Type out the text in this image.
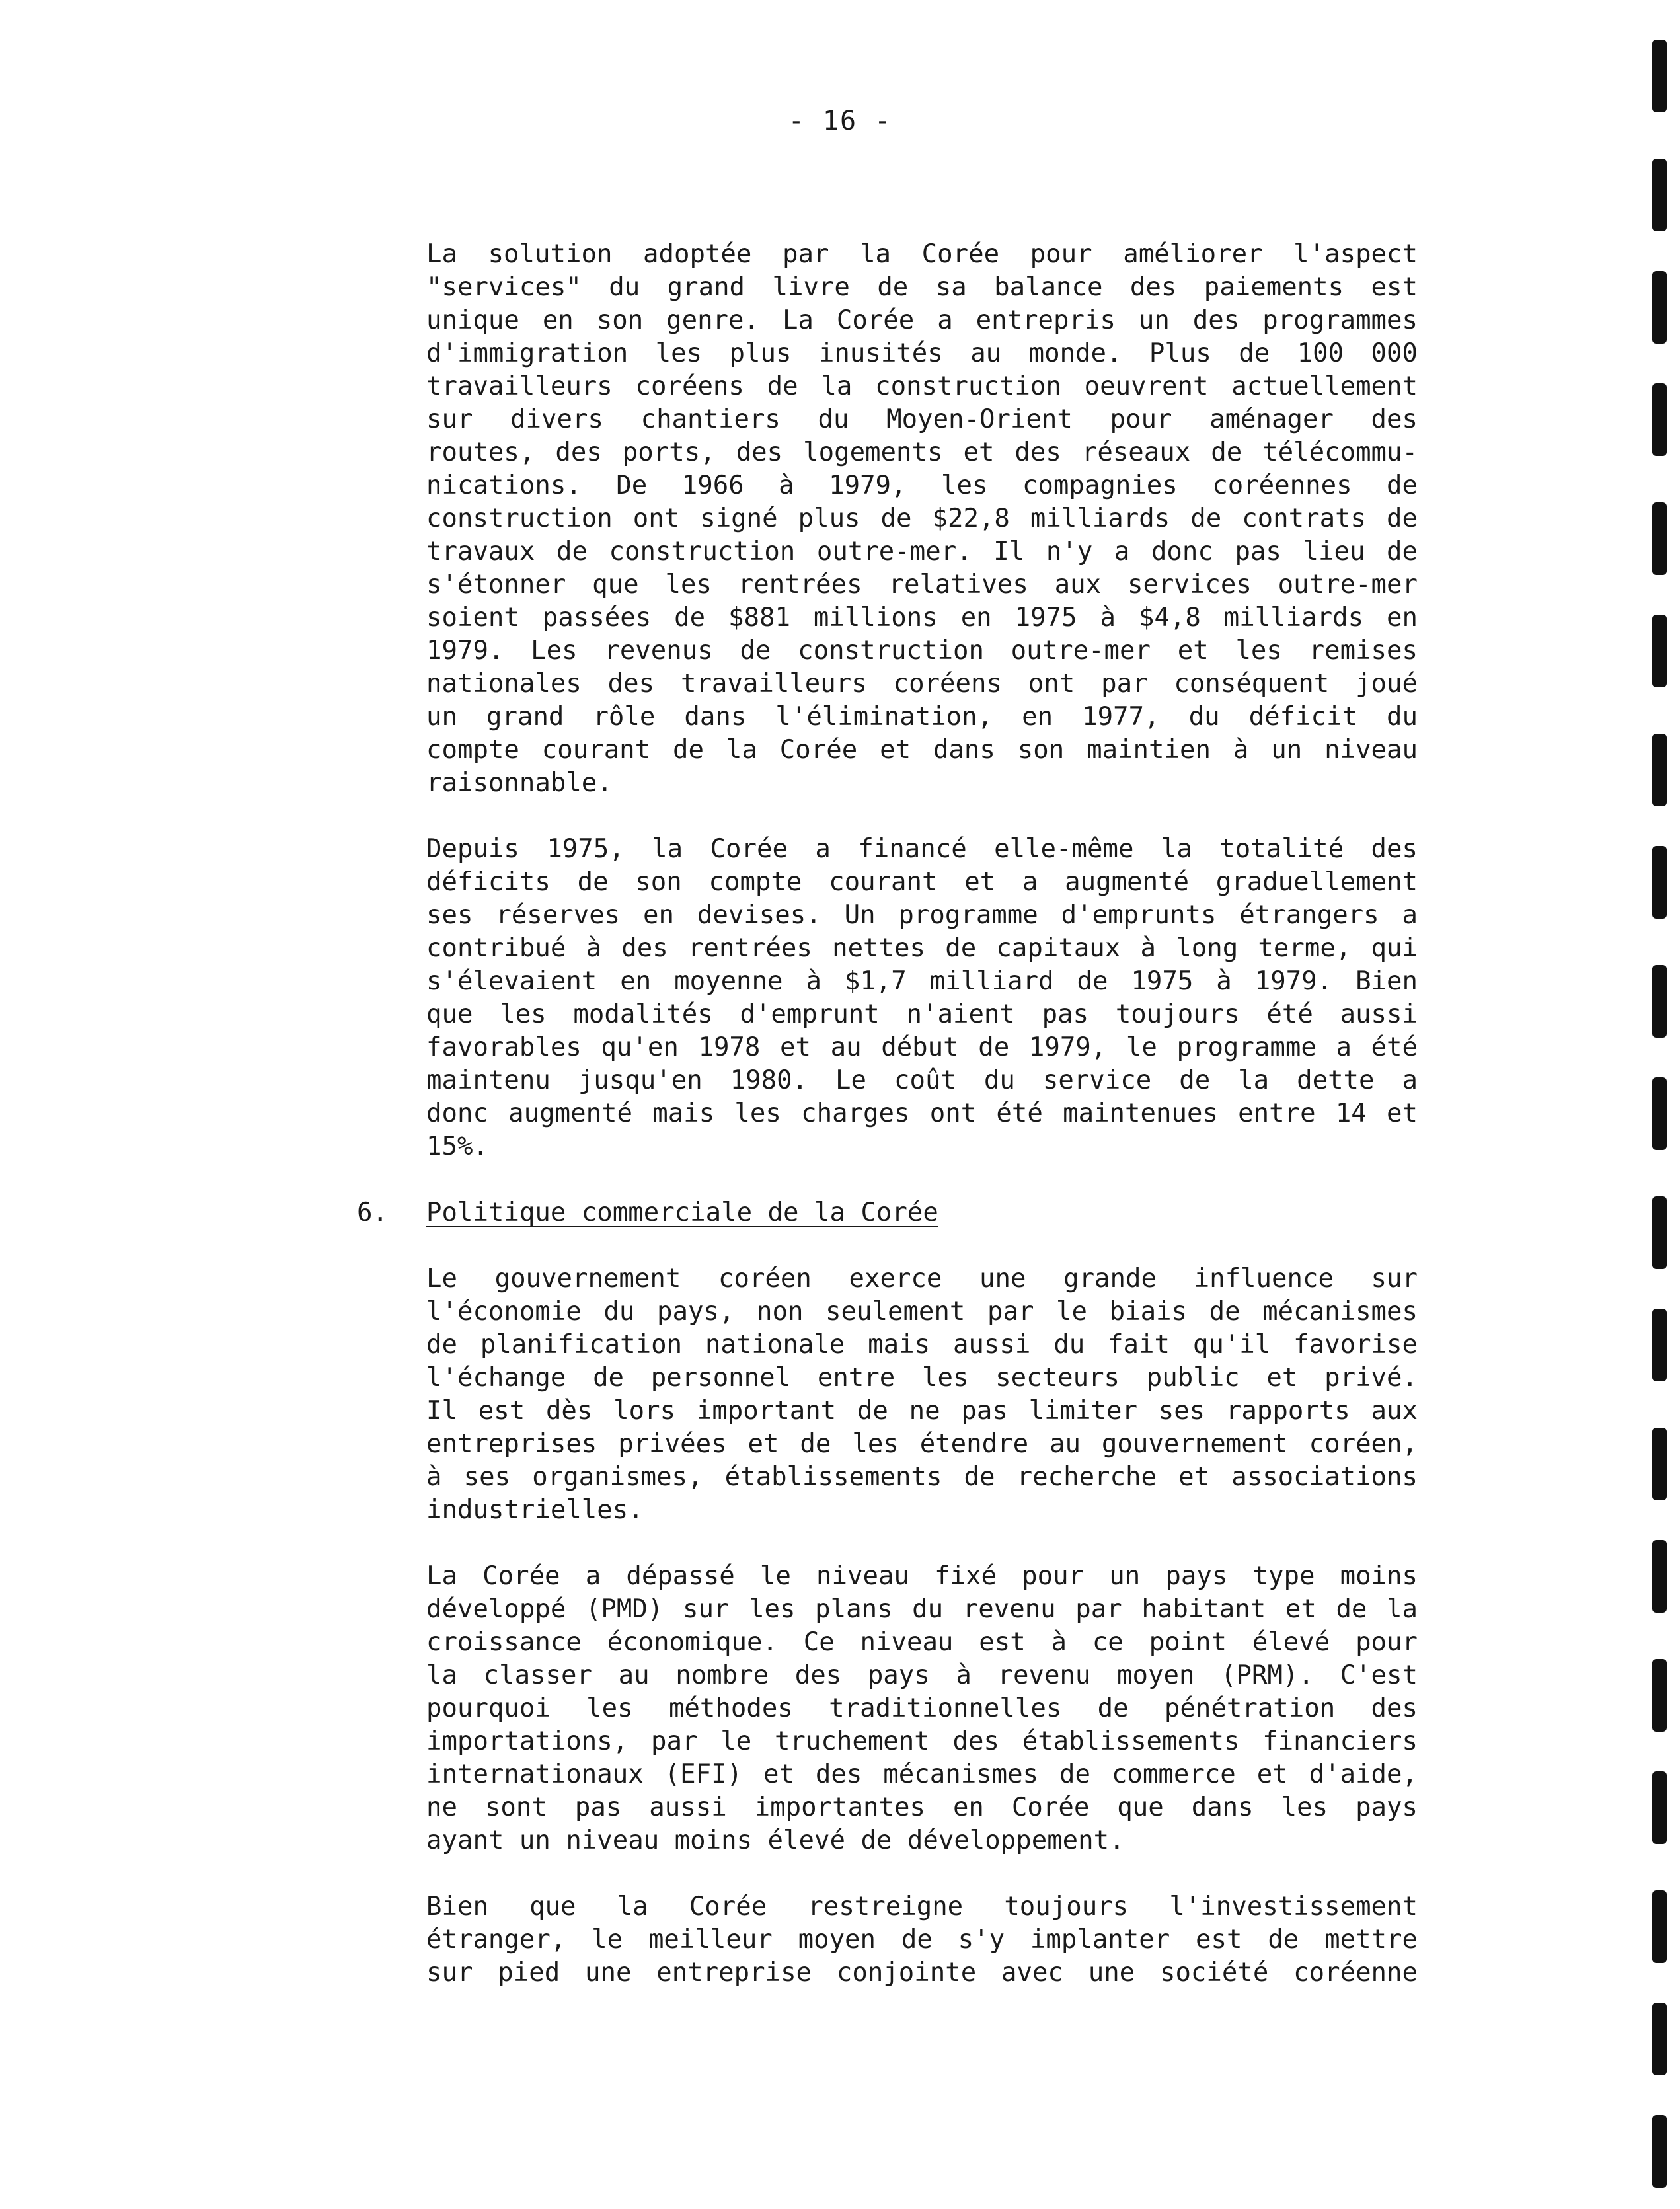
- 16 -
La solution adoptée par la Corée pour améliorer l'aspect
"services" du grand livre de sa balance des paiements est
unique en son genre. La Corée a entrepris un des programmes
d'immigration les plus inusités au monde. Plus de 100 000
travailleurs coréens de la construction oeuvrent actuellement
sur divers chantiers du Moyen-Orient pour aménager des
routes, des ports, des logements et des réseaux de télécommu-
nications. De 1966 à 1979, les compagnies coréennes de
construction ont signé plus de $22,8 milliards de contrats de
travaux de construction outre-mer. Il n'y a donc pas lieu de
s'étonner que les rentrées relatives aux services outre-mer
soient passées de $881 millions en 1975 à $4,8 milliards en
1979. Les revenus de construction outre-mer et les remises
nationales des travailleurs coréens ont par conséquent joué
un grand rôle dans l'élimination, en 1977, du déficit du
compte courant de la Corée et dans son maintien à un niveau
raisonnable.
Depuis 1975, la Corée a financé elle-même la totalité des
déficits de son compte courant et a augmenté graduellement
ses réserves en devises. Un programme d'emprunts étrangers a
contribué à des rentrées nettes de capitaux à long terme, qui
s'élevaient en moyenne à $1,7 milliard de 1975 à 1979. Bien
que les modalités d'emprunt n'aient pas toujours été aussi
favorables qu'en 1978 et au début de 1979, le programme a été
maintenu jusqu'en 1980. Le coût du service de la dette a
donc augmenté mais les charges ont été maintenues entre 14 et
15%.
6. Politique commerciale de la Corée
Le gouvernement coréen exerce une grande influence sur
l'économie du pays, non seulement par le biais de mécanismes
de planification nationale mais aussi du fait qu'il favorise
l'échange de personnel entre les secteurs public et privé.
Il est dès lors important de ne pas limiter ses rapports aux
entreprises privées et de les étendre au gouvernement coréen,
à ses organismes, établissements de recherche et associations
industrielles.
La Corée a dépassé le niveau fixé pour un pays type moins
développé (PMD) sur les plans du revenu par habitant et de la
croissance économique. Ce niveau est à ce point élevé pour
la classer au nombre des pays à revenu moyen (PRM). C'est
pourquoi les méthodes traditionnelles de pénétration des
importations, par le truchement des établissements financiers
internationaux (EFI) et des mécanismes de commerce et d'aide,
ne sont pas aussi importantes en Corée que dans les pays
ayant un niveau moins élevé de développement.
Bien que la Corée restreigne toujours l'investissement
étranger, le meilleur moyen de s'y implanter est de mettre
sur pied une entreprise conjointe avec une société coréenne
